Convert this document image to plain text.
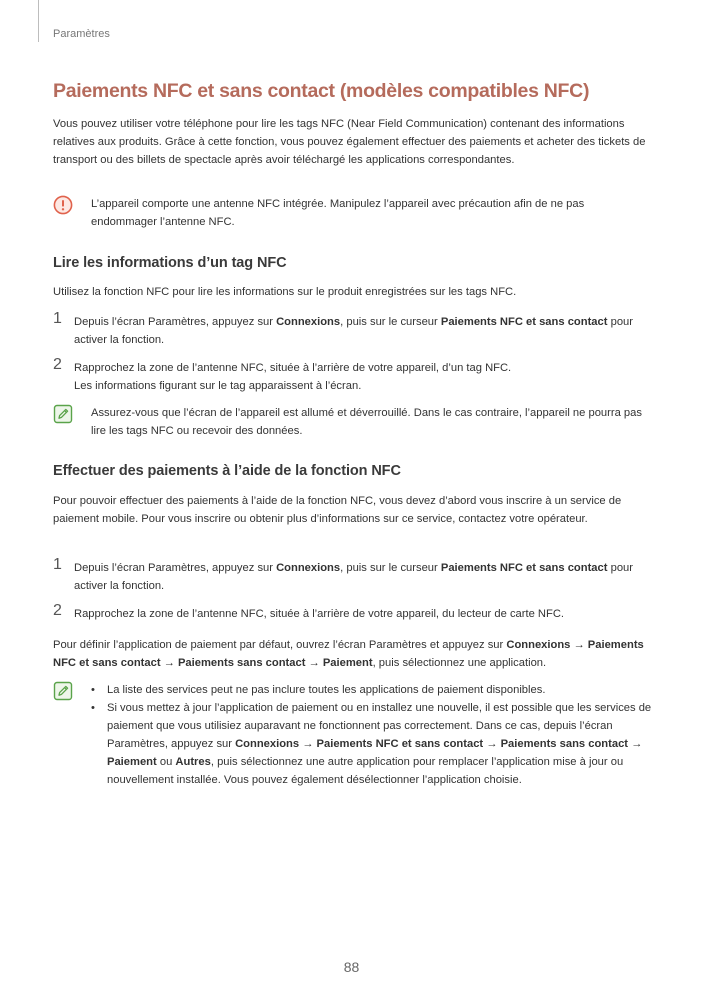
Paramètres
Paiements NFC et sans contact (modèles compatibles NFC)

Vous pouvez utiliser votre téléphone pour lire les tags NFC (Near Field Communication) contenant des informations relatives aux produits. Grâce à cette fonction, vous pouvez également effectuer des paiements et acheter des tickets de transport ou des billets de spectacle après avoir téléchargé les applications correspondantes.

L’appareil comporte une antenne NFC intégrée. Manipulez l’appareil avec précaution afin de ne pas endommager l’antenne NFC.
Lire les informations d’un tag NFC

Utilisez la fonction NFC pour lire les informations sur le produit enregistrées sur les tags NFC.

1 Depuis l’écran Paramètres, appuyez sur Connexions, puis sur le curseur Paiements NFC et sans contact pour activer la fonction.
2 Rapprochez la zone de l’antenne NFC, située à l’arrière de votre appareil, d’un tag NFC.
Les informations figurant sur le tag apparaissent à l’écran.
Assurez-vous que l’écran de l’appareil est allumé et déverrouillé. Dans le cas contraire, l’appareil ne pourra pas lire les tags NFC ou recevoir des données.
Effectuer des paiements à l’aide de la fonction NFC

Pour pouvoir effectuer des paiements à l’aide de la fonction NFC, vous devez d’abord vous inscrire à un service de paiement mobile. Pour vous inscrire ou obtenir plus d’informations sur ce service, contactez votre opérateur.

1 Depuis l’écran Paramètres, appuyez sur Connexions, puis sur le curseur Paiements NFC et sans contact pour activer la fonction.
2 Rapprochez la zone de l’antenne NFC, située à l’arrière de votre appareil, du lecteur de carte NFC.

Pour définir l’application de paiement par défaut, ouvrez l’écran Paramètres et appuyez sur Connexions → Paiements NFC et sans contact → Paiements sans contact → Paiement, puis sélectionnez une application.

• La liste des services peut ne pas inclure toutes les applications de paiement disponibles.
• Si vous mettez à jour l’application de paiement ou en installez une nouvelle, il est possible que les services de paiement que vous utilisiez auparavant ne fonctionnent pas correctement. Dans ce cas, depuis l’écran Paramètres, appuyez sur Connexions → Paiements NFC et sans contact → Paiements sans contact → Paiement ou Autres, puis sélectionnez une autre application pour remplacer l’application mise à jour ou nouvellement installée. Vous pouvez également désélectionner l’application choisie.
88
